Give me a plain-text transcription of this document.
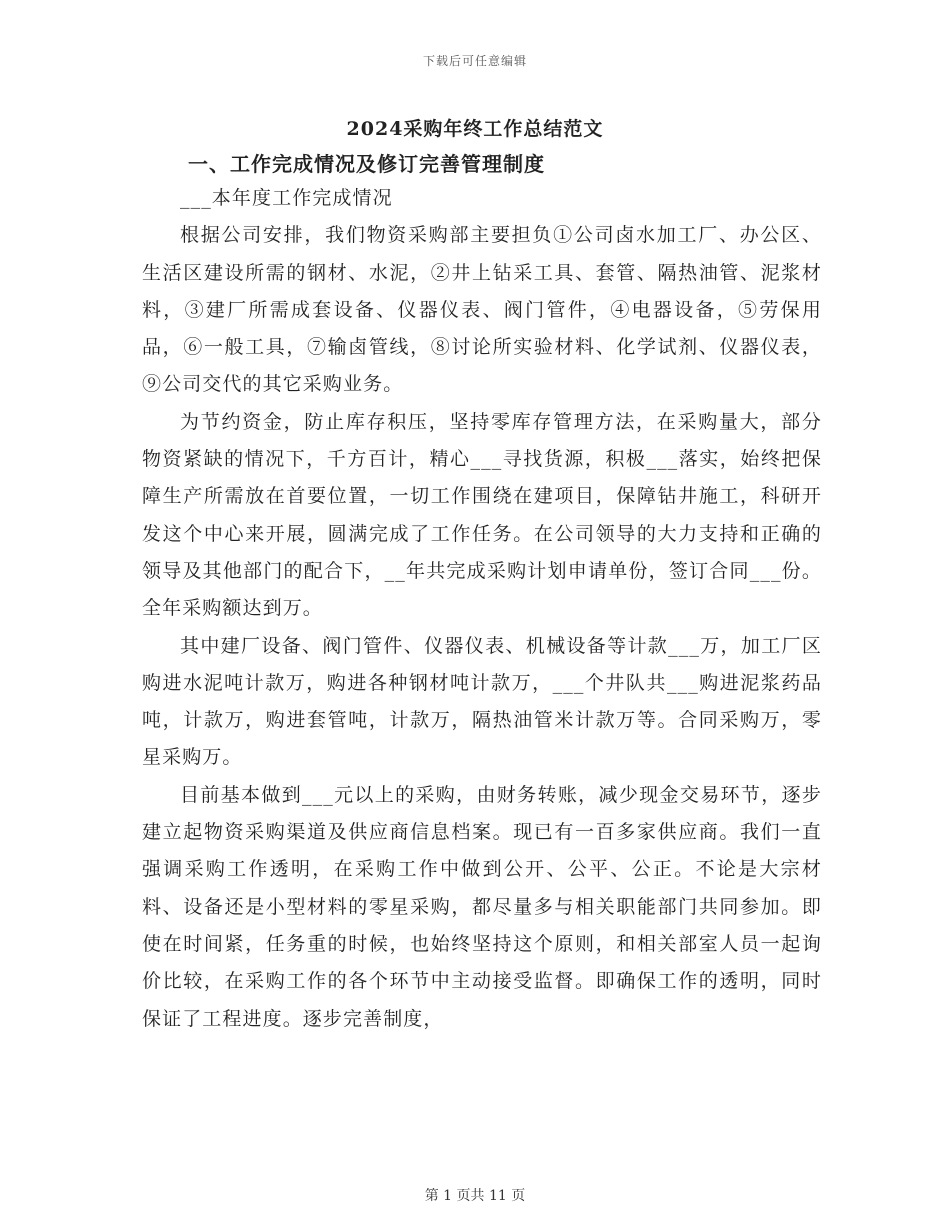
下载后可任意编辑
2024采购年终工作总结范文
一、工作完成情况及修订完善管理制度

___本年度工作完成情况

根据公司安排，我们物资采购部主要担负①公司卤水加工厂、办公区、生活区建设所需的钢材、水泥，②井上钻采工具、套管、隔热油管、泥浆材料，③建厂所需成套设备、仪器仪表、阀门管件，④电器设备，⑤劳保用品，⑥一般工具，⑦输卤管线，⑧讨论所实验材料、化学试剂、仪器仪表，⑨公司交代的其它采购业务。

为节约资金，防止库存积压，坚持零库存管理方法，在采购量大，部分物资紧缺的情况下，千方百计，精心___寻找货源，积极___落实，始终把保障生产所需放在首要位置，一切工作围绕在建项目，保障钻井施工，科研开发这个中心来开展，圆满完成了工作任务。在公司领导的大力支持和正确的领导及其他部门的配合下，__年共完成采购计划申请单份，签订合同___份。全年采购额达到万。

其中建厂设备、阀门管件、仪器仪表、机械设备等计款___万，加工厂区购进水泥吨计款万，购进各种钢材吨计款万，___个井队共___购进泥浆药品吨，计款万，购进套管吨，计款万，隔热油管米计款万等。合同采购万，零星采购万。

目前基本做到___元以上的采购，由财务转账，减少现金交易环节，逐步建立起物资采购渠道及供应商信息档案。现已有一百多家供应商。我们一直强调采购工作透明，在采购工作中做到公开、公平、公正。不论是大宗材料、设备还是小型材料的零星采购，都尽量多与相关职能部门共同参加。即使在时间紧，任务重的时候，也始终坚持这个原则，和相关部室人员一起询价比较，在采购工作的各个环节中主动接受监督。即确保工作的透明，同时保证了工程进度。逐步完善制度，

第 1 页共 11 页
